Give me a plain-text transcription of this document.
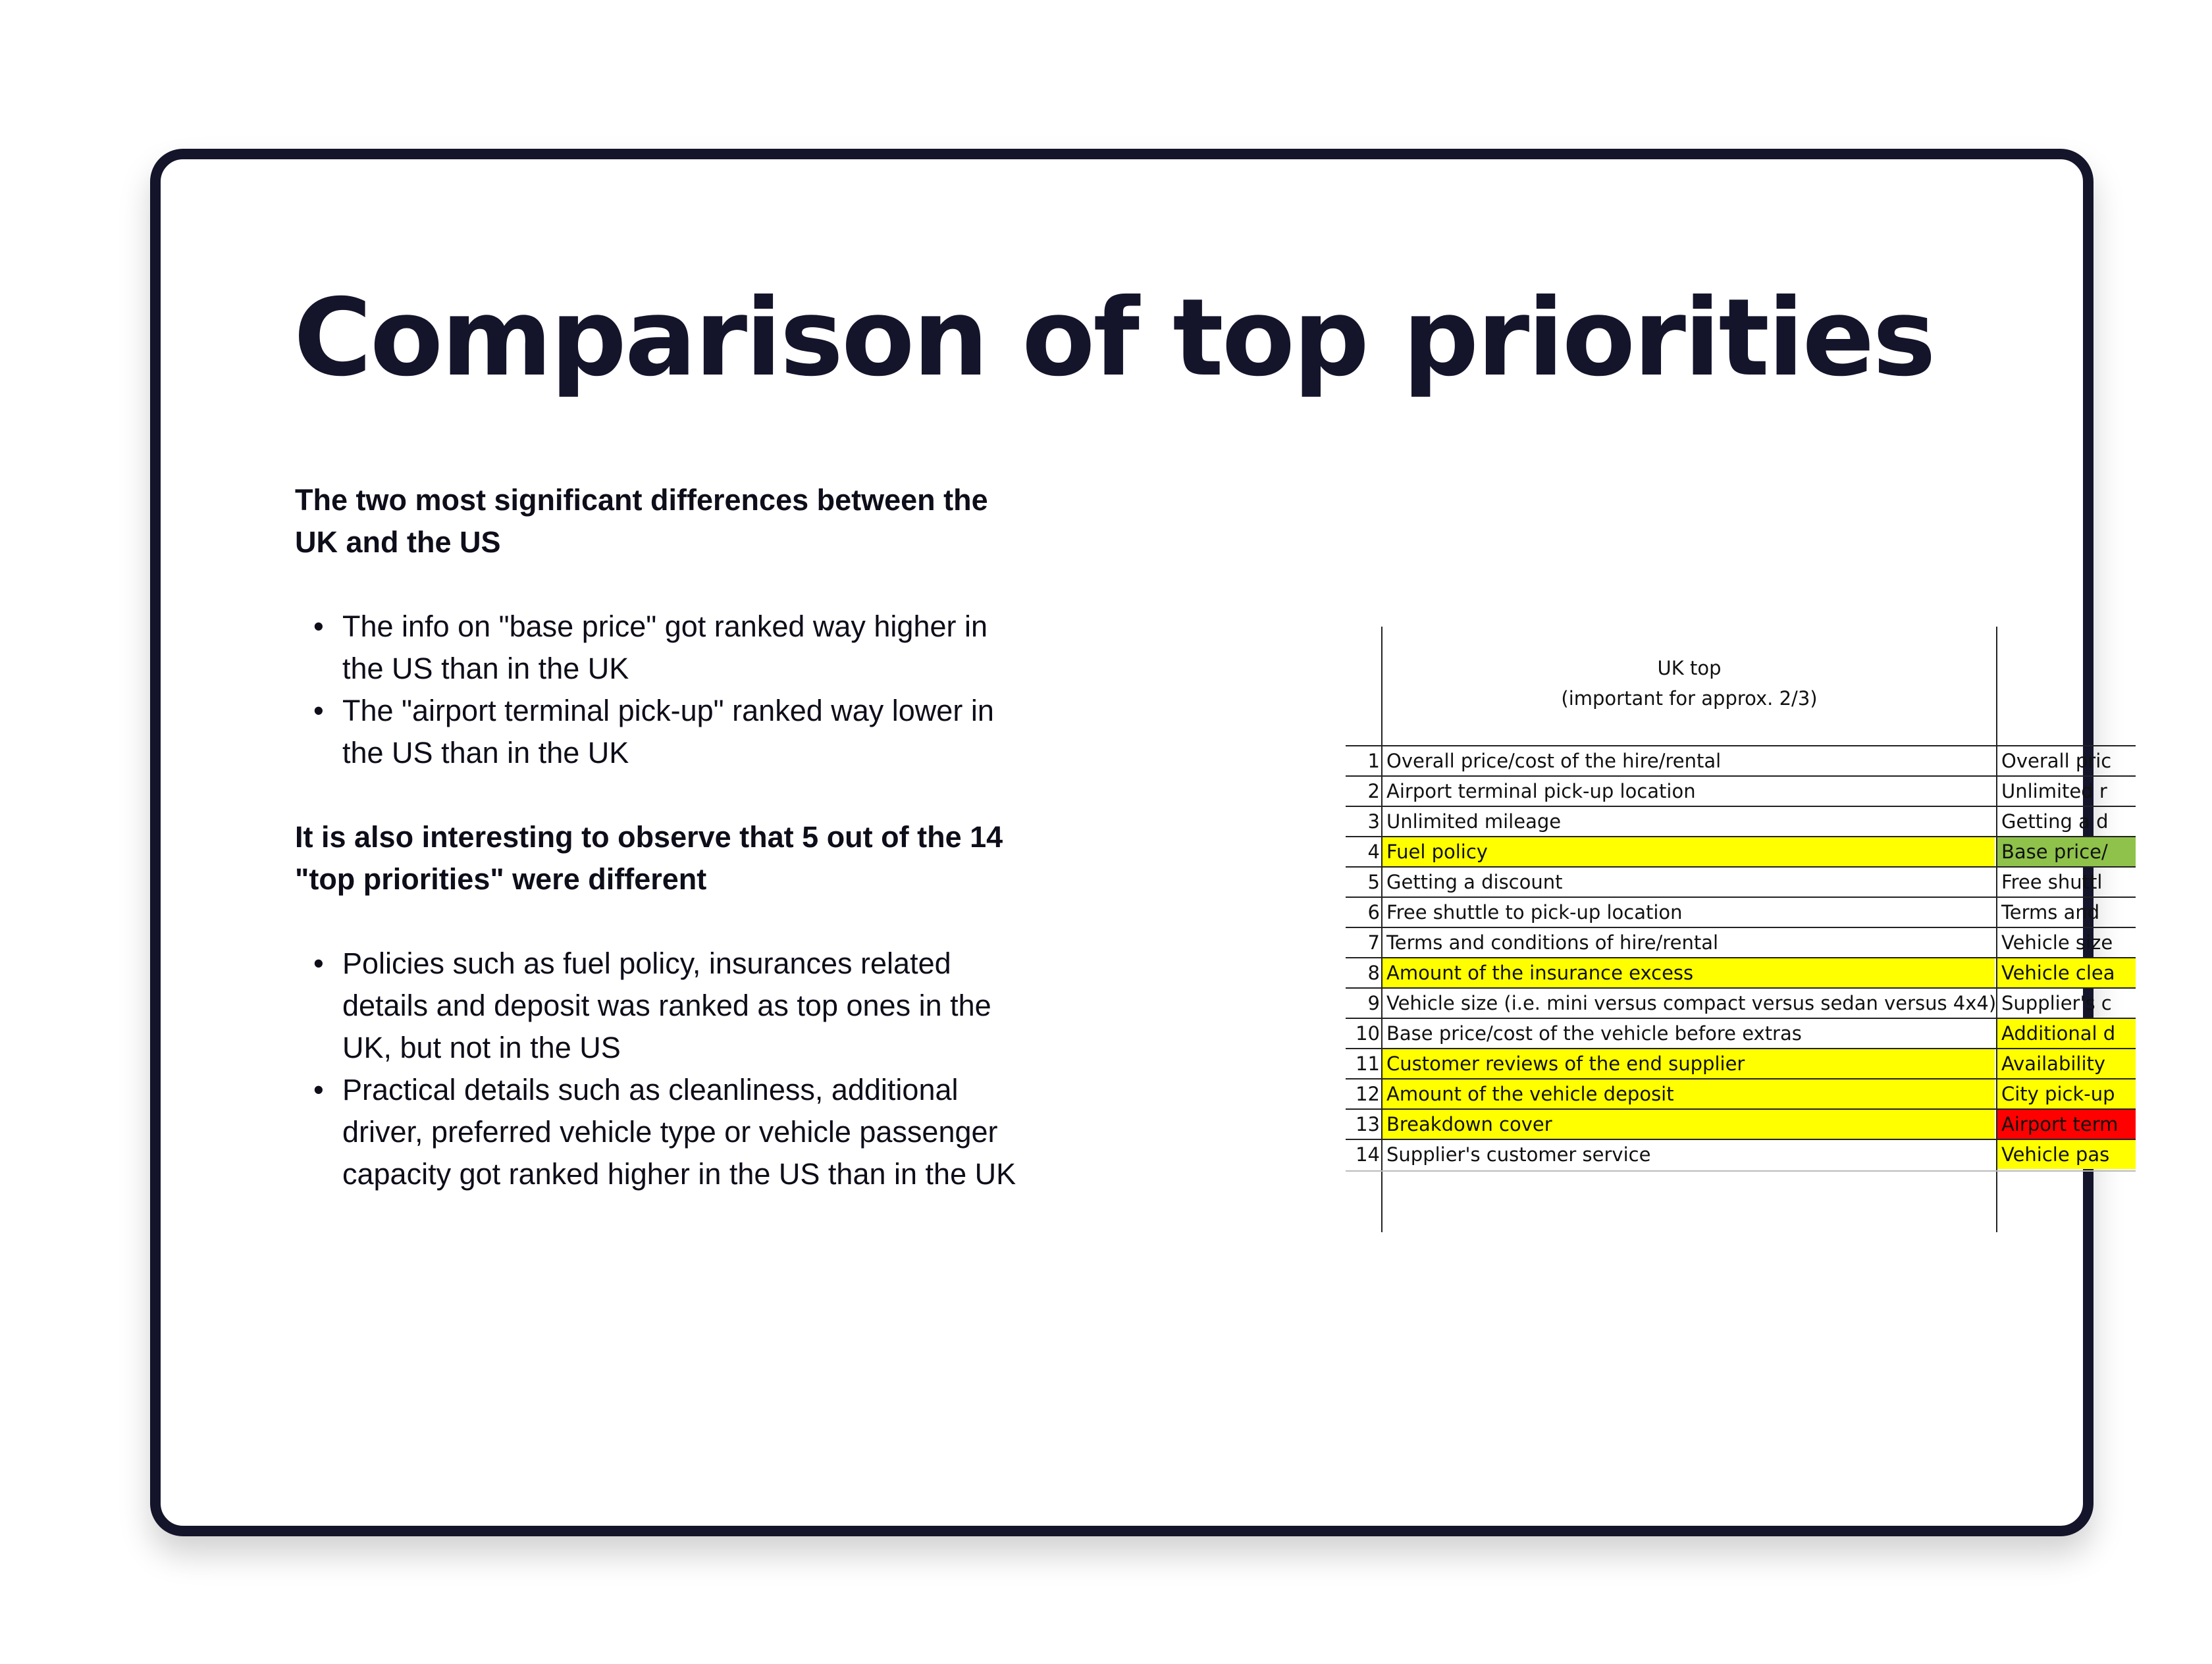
Comparison of top priorities

The two most significant differences between the
UK and the US

• The info on "base price" got ranked way higher in
the US than in the UK
• The "airport terminal pick-up" ranked way lower in
the US than in the UK

It is also interesting to observe that 5 out of the 14
"top priorities" were different

• Policies such as fuel policy, insurances related
details and deposit was ranked as top ones in the
UK, but not in the US
• Practical details such as cleanliness, additional
driver, preferred vehicle type or vehicle passenger
capacity got ranked higher in the US than in the UK
UK top
(important for approx. 2/3)
1 Overall price/cost of the hire/rental	Overall pric
2 Airport terminal pick-up location	Unlimited r
3 Unlimited mileage	Getting a d
4 Fuel policy	Base price/
5 Getting a discount	Free shuttl
6 Free shuttle to pick-up location	Terms and
7 Terms and conditions of hire/rental	Vehicle size
8 Amount of the insurance excess	Vehicle clea
9 Vehicle size (i.e. mini versus compact versus sedan versus 4x4) Supplier's c
10 Base price/cost of the vehicle before extras	Additional d
11 Customer reviews of the end supplier	Availability
12 Amount of the vehicle deposit	City pick-up
13 Breakdown cover	Airport term
14 Supplier's customer service	Vehicle pas
